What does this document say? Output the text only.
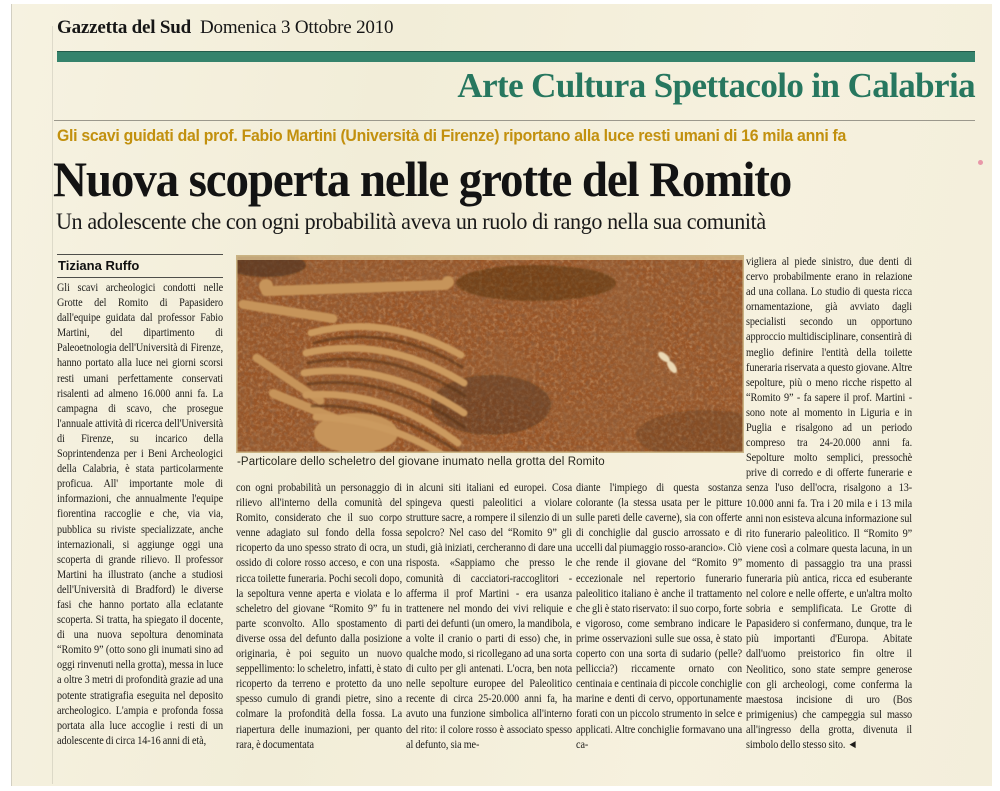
Gazzetta del Sud Domenica 3 Ottobre 2010
Arte Cultura Spettacolo in Calabria
Gli scavi guidati dal prof. Fabio Martini (Università di Firenze) riportano alla luce resti umani di 16 mila anni fa
Nuova scoperta nelle grotte del Romito
Un adolescente che con ogni probabilità aveva un ruolo di rango nella sua comunità
Tiziana Ruffo
-Particolare dello scheletro del giovane inumato nella grotta del Romito
Gli scavi archeologici condotti nelle Grotte del Romito di Papasidero dall'equipe guidata dal professor Fabio Martini, del dipartimento di Paleoetnologia dell'Università di Firenze, hanno portato alla luce nei giorni scorsi resti umani perfettamente conservati risalenti ad almeno 16.000 anni fa. La campagna di scavo, che prosegue l'annuale attività di ricerca dell'Università di Firenze, su incarico della Soprintendenza per i Beni Archeologici della Calabria, è stata particolarmente proficua. All' importante mole di informazioni, che annualmente l'equipe fiorentina raccoglie e che, via via, pubblica su riviste specializzate, anche internazionali, si aggiunge oggi una scoperta di grande rilievo. Il professor Martini ha illustrato (anche a studiosi dell'Università di Bradford) le diverse fasi che hanno portato alla eclatante scoperta. Si tratta, ha spiegato il docente, di una nuova sepoltura denominata “Romito 9” (otto sono gli inumati sino ad oggi rinvenuti nella grotta), messa in luce a oltre 3 metri di profondità grazie ad una potente stratigrafia eseguita nel deposito archeologico. L'ampia e profonda fossa portata alla luce accoglie i resti di un adolescente di circa 14-16 anni di età,
con ogni probabilità un personaggio di rilievo all'interno della comunità del Romito, considerato che il suo corpo venne adagiato sul fondo della fossa ricoperto da uno spesso strato di ocra, un ossido di colore rosso acceso, e con una ricca toilette funeraria. Pochi secoli dopo, la sepoltura venne aperta e violata e lo scheletro del giovane “Romito 9” fu in parte sconvolto. Allo spostamento di diverse ossa del defunto dalla posizione originaria, è poi seguito un nuovo seppellimento: lo scheletro, infatti, è stato ricoperto da terreno e protetto da uno spesso cumulo di grandi pietre, sino a colmare la profondità della fossa. La riapertura delle inumazioni, per quanto rara, è documentata
in alcuni siti italiani ed europei. Cosa spingeva questi paleolitici a violare strutture sacre, a rompere il silenzio di un sepolcro? Nel caso del “Romito 9” gli studi, già iniziati, cercheranno di dare una risposta. «Sappiamo che presso le comunità di cacciatori-raccoglitori - afferma il prof Martini - era usanza trattenere nel mondo dei vivi reliquie e parti dei defunti (un omero, la mandibola, a volte il cranio o parti di esso) che, in qualche modo, si ricollegano ad una sorta di culto per gli antenati. L'ocra, ben nota nelle sepolture europee del Paleolitico recente di circa 25-20.000 anni fa, ha avuto una funzione simbolica all'interno del rito: il colore rosso è associato spesso al defunto, sia me-
diante l'impiego di questa sostanza colorante (la stessa usata per le pitture sulle pareti delle caverne), sia con offerte di conchiglie dal guscio arrossato e di uccelli dal piumaggio rosso-arancio». Ciò che rende il giovane del “Romito 9” eccezionale nel repertorio funerario paleolitico italiano è anche il trattamento che gli è stato riservato: il suo corpo, forte e vigoroso, come sembrano indicare le prime osservazioni sulle sue ossa, è stato coperto con una sorta di sudario (pelle? pelliccia?) riccamente ornato con centinaia e centinaia di piccole conchiglie marine e denti di cervo, opportunamente forati con un piccolo strumento in selce e applicati. Altre conchiglie formavano una ca-
vigliera al piede sinistro, due denti di cervo probabilmente erano in relazione ad una collana. Lo studio di questa ricca ornamentazione, già avviato dagli specialisti secondo un opportuno approccio multidisciplinare, consentirà di meglio definire l'entità della toilette funeraria riservata a questo giovane. Altre sepolture, più o meno ricche rispetto al “Romito 9” - fa sapere il prof. Martini - sono note al momento in Liguria e in Puglia e risalgono ad un periodo compreso tra 24-20.000 anni fa. Sepolture molto semplici, pressochè prive di corredo e di offerte funerarie e senza l'uso dell'ocra, risalgono a 13-10.000 anni fa. Tra i 20 mila e i 13 mila anni non esisteva alcuna informazione sul rito funerario paleolitico. Il “Romito 9” viene così a colmare questa lacuna, in un momento di passaggio tra una prassi funeraria più antica, ricca ed esuberante nel colore e nelle offerte, e un'altra molto sobria e semplificata. Le Grotte di Papasidero si confermano, dunque, tra le più importanti d'Europa. Abitate dall'uomo preistorico fin oltre il Neolitico, sono state sempre generose con gli archeologi, come conferma la maestosa incisione di uro (Bos primigenius) che campeggia sul masso all'ingresso della grotta, divenuta il simbolo dello stesso sito. ◄
